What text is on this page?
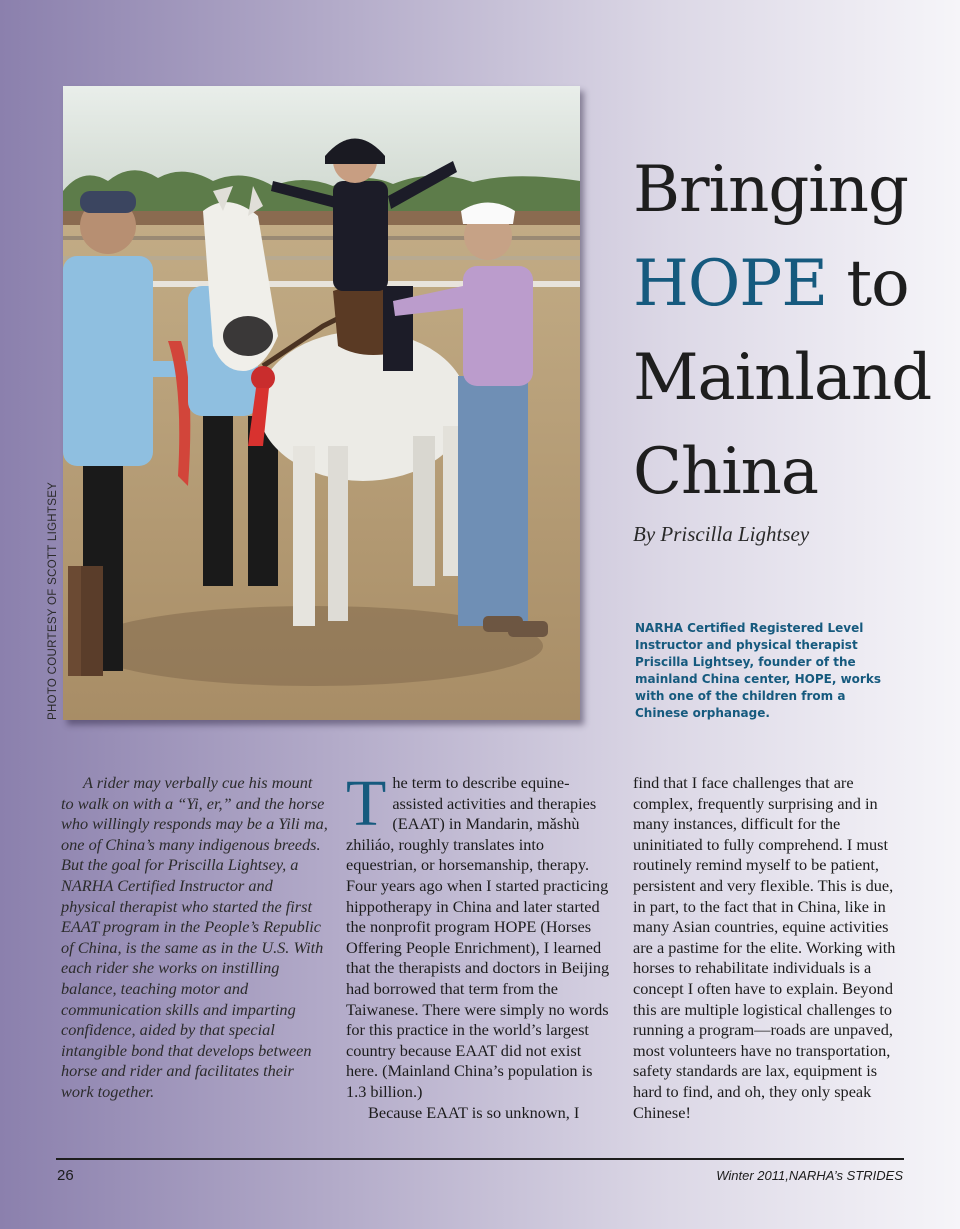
PHOTO COURTESY OF SCOTT LIGHTSEY
Bringing
HOPE to
Mainland
China
By Priscilla Lightsey
NARHA Certified Registered Level Instructor and physical therapist Priscilla Lightsey, founder of the mainland China center, HOPE, works with one of the children from a Chinese orphanage.

A rider may verbally cue his mount to walk on with a “Yi, er,” and the horse who willingly responds may be a Yili ma, one of China’s many indigenous breeds. But the goal for Priscilla Lightsey, a NARHA Certified Instructor and physical therapist who started the first EAAT program in the People’s Republic of China, is the same as in the U.S. With each rider she works on instilling balance, teaching motor and communication skills and imparting confidence, aided by that special intangible bond that develops between horse and rider and facilitates their work together.

The term to describe equine-assisted activities and therapies (EAAT) in Mandarin, mǎshù zhiliáo, roughly translates into equestrian, or horsemanship, therapy. Four years ago when I started practicing hippotherapy in China and later started the nonprofit program HOPE (Horses Offering People Enrichment), I learned that the therapists and doctors in Beijing had borrowed that term from the Taiwanese. There were simply no words for this practice in the world’s largest country because EAAT did not exist here. (Mainland China’s population is 1.3 billion.)

Because EAAT is so unknown, I

find that I face challenges that are complex, frequently surprising and in many instances, difficult for the uninitiated to fully comprehend. I must routinely remind myself to be patient, persistent and very flexible. This is due, in part, to the fact that in China, like in many Asian countries, equine activities are a pastime for the elite. Working with horses to rehabilitate individuals is a concept I often have to explain. Beyond this are multiple logistical challenges to running a program—roads are unpaved, most volunteers have no transportation, safety standards are lax, equipment is hard to find, and oh, they only speak Chinese!

26	Winter 2011,NARHA’s STRIDES
